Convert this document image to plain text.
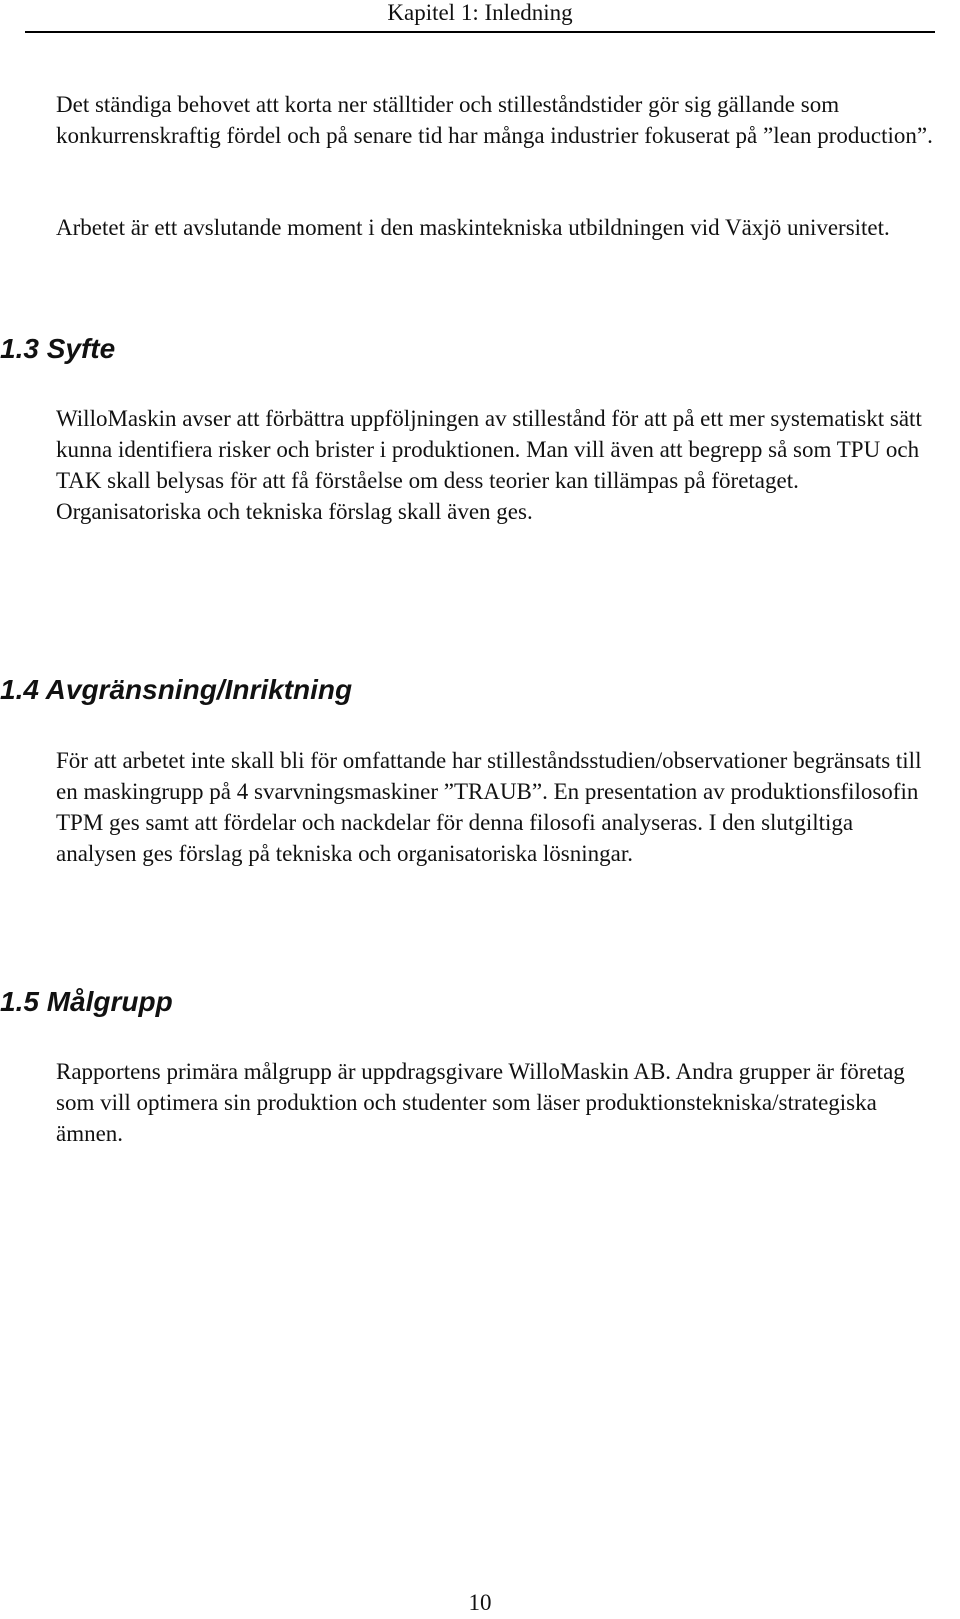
Kapitel 1: Inledning

Det ständiga behovet att korta ner ställtider och stilleståndstider gör sig gällande som konkurrenskraftig fördel och på senare tid har många industrier fokuserat på ”lean production”.

Arbetet är ett avslutande moment i den maskintekniska utbildningen vid Växjö universitet.

1.3 Syfte

WilloMaskin avser att förbättra uppföljningen av stillestånd för att på ett mer systematiskt sätt kunna identifiera risker och brister i produktionen. Man vill även att begrepp så som TPU och TAK skall belysas för att få förståelse om dess teorier kan tillämpas på företaget. Organisatoriska och tekniska förslag skall även ges.

1.4 Avgränsning/Inriktning

För att arbetet inte skall bli för omfattande har stilleståndsstudien/observationer begränsats till en maskingrupp på 4 svarvningsmaskiner ”TRAUB”. En presentation av produktionsfilosofin TPM ges samt att fördelar och nackdelar för denna filosofi analyseras. I den slutgiltiga analysen ges förslag på tekniska och organisatoriska lösningar.

1.5 Målgrupp

Rapportens primära målgrupp är uppdragsgivare WilloMaskin AB. Andra grupper är företag som vill optimera sin produktion och studenter som läser produktionstekniska/strategiska ämnen.

10
